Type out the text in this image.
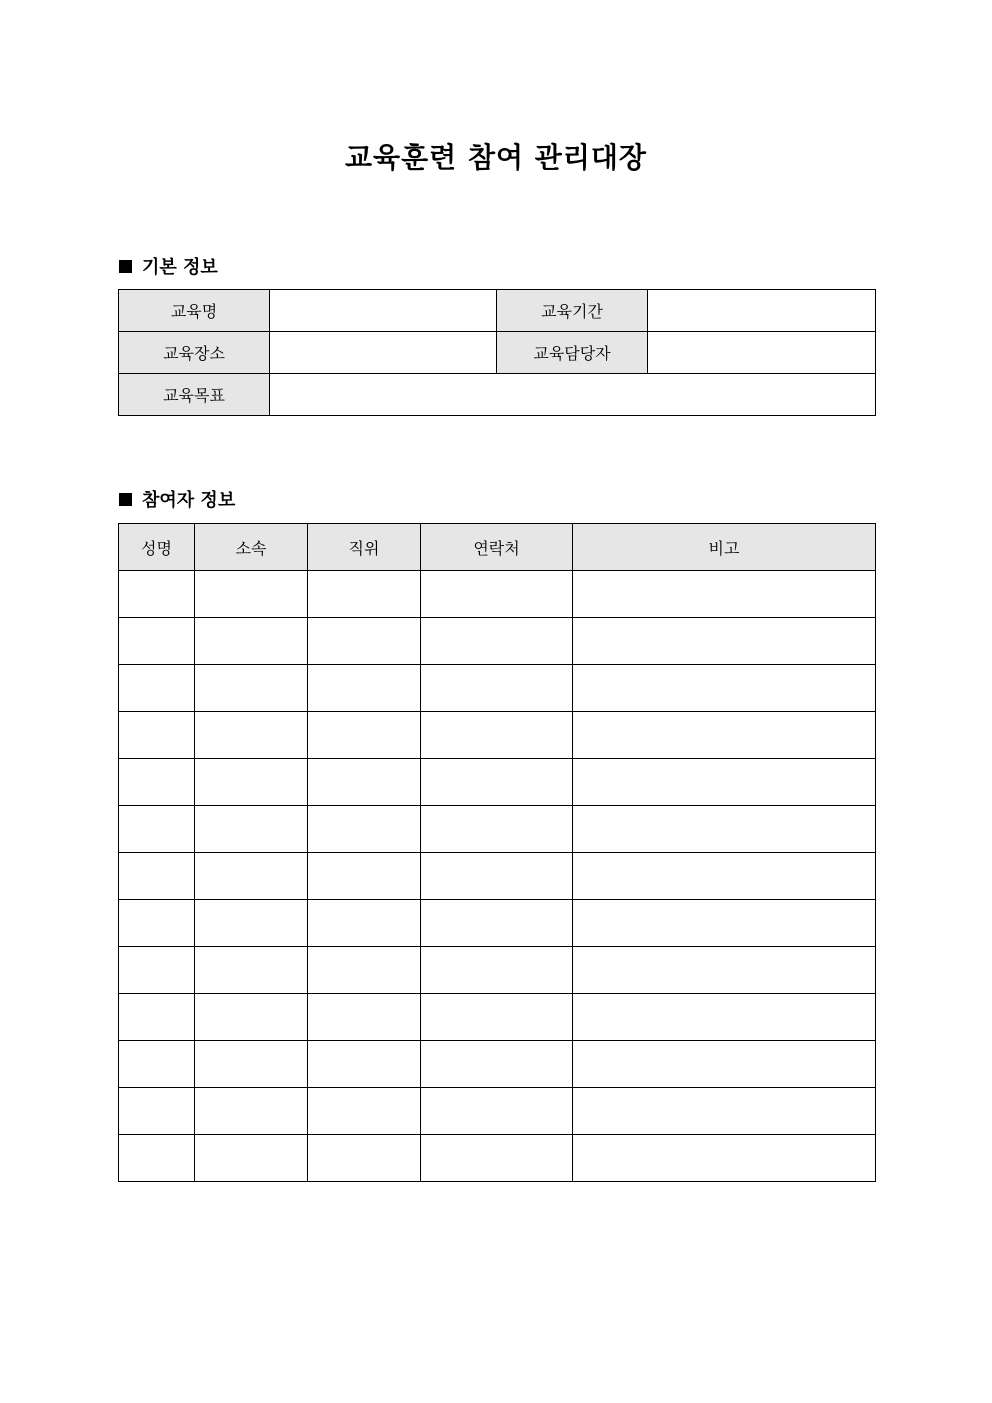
교육훈련 참여 관리대장
기본 정보
교육명		교육기간	
교육장소		교육담당자	
교육목표			
참여자 정보
성명	소속	직위	연락처	비고
